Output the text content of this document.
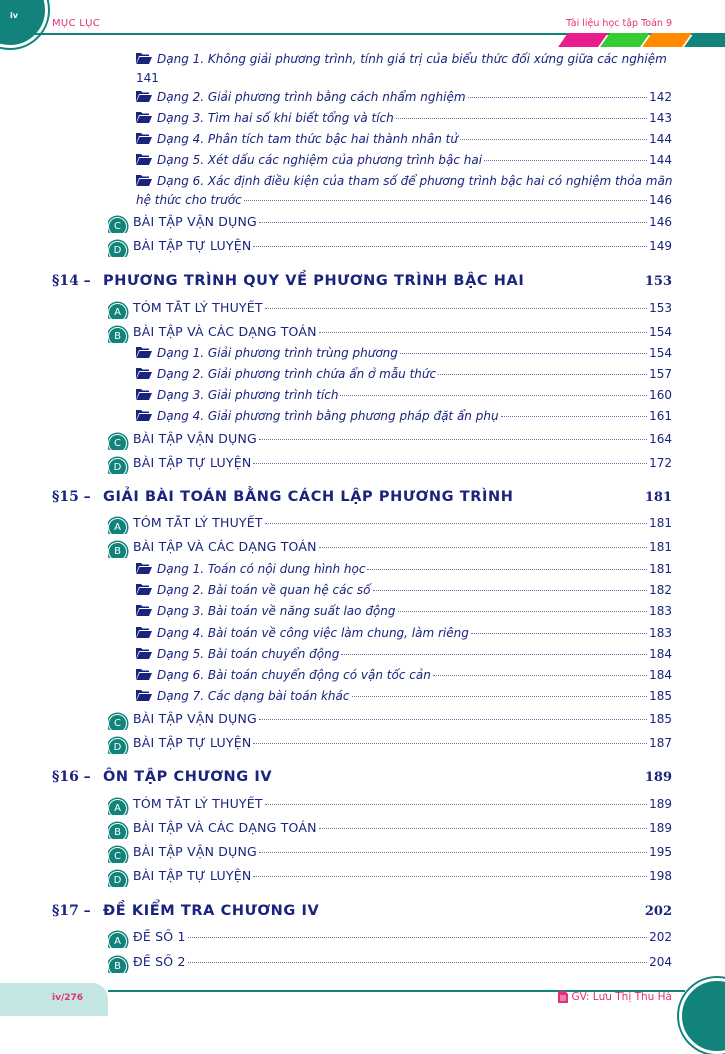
iv
MỤC LỤC	Tài liệu học tập Toán 9
Dạng 1. Không giải phương trình, tính giá trị của biểu thức đối xứng giữa các nghiệm
141
Dạng 2. Giải phương trình bằng cách nhẩm nghiệm	142
Dạng 3. Tìm hai số khi biết tổng và tích	143
Dạng 4. Phân tích tam thức bậc hai thành nhân tử	144
Dạng 5. Xét dấu các nghiệm của phương trình bậc hai	144
Dạng 6. Xác định điều kiện của tham số để phương trình bậc hai có nghiệm thỏa mãn
hệ thức cho trước	146
C BÀI TẬP VẬN DỤNG	146
D BÀI TẬP TỰ LUYỆN	149
§14 – PHƯƠNG TRÌNH QUY VỀ PHƯƠNG TRÌNH BẬC HAI	153
A TÓM TẮT LÝ THUYẾT	153
B BÀI TẬP VÀ CÁC DẠNG TOÁN	154
Dạng 1. Giải phương trình trùng phương	154
Dạng 2. Giải phương trình chứa ẩn ở mẫu thức	157
Dạng 3. Giải phương trình tích	160
Dạng 4. Giải phương trình bằng phương pháp đặt ẩn phụ	161
C BÀI TẬP VẬN DỤNG	164
D BÀI TẬP TỰ LUYỆN	172
§15 – GIẢI BÀI TOÁN BẰNG CÁCH LẬP PHƯƠNG TRÌNH	181
A TÓM TẮT LÝ THUYẾT	181
B BÀI TẬP VÀ CÁC DẠNG TOÁN	181
Dạng 1. Toán có nội dung hình học	181
Dạng 2. Bài toán về quan hệ các số	182
Dạng 3. Bài toán về năng suất lao động	183
Dạng 4. Bài toán về công việc làm chung, làm riêng	183
Dạng 5. Bài toán chuyển động	184
Dạng 6. Bài toán chuyển động có vận tốc cản	184
Dạng 7. Các dạng bài toán khác	185
C BÀI TẬP VẬN DỤNG	185
D BÀI TẬP TỰ LUYỆN	187
§16 – ÔN TẬP CHƯƠNG IV	189
A TÓM TẮT LÝ THUYẾT	189
B BÀI TẬP VÀ CÁC DẠNG TOÁN	189
C BÀI TẬP VẬN DỤNG	195
D BÀI TẬP TỰ LUYỆN	198
§17 – ĐỀ KIỂM TRA CHƯƠNG IV	202
A ĐỀ SỐ 1	202
B ĐỀ SỐ 2	204
iv/276	GV: Lưu Thị Thu Hà
